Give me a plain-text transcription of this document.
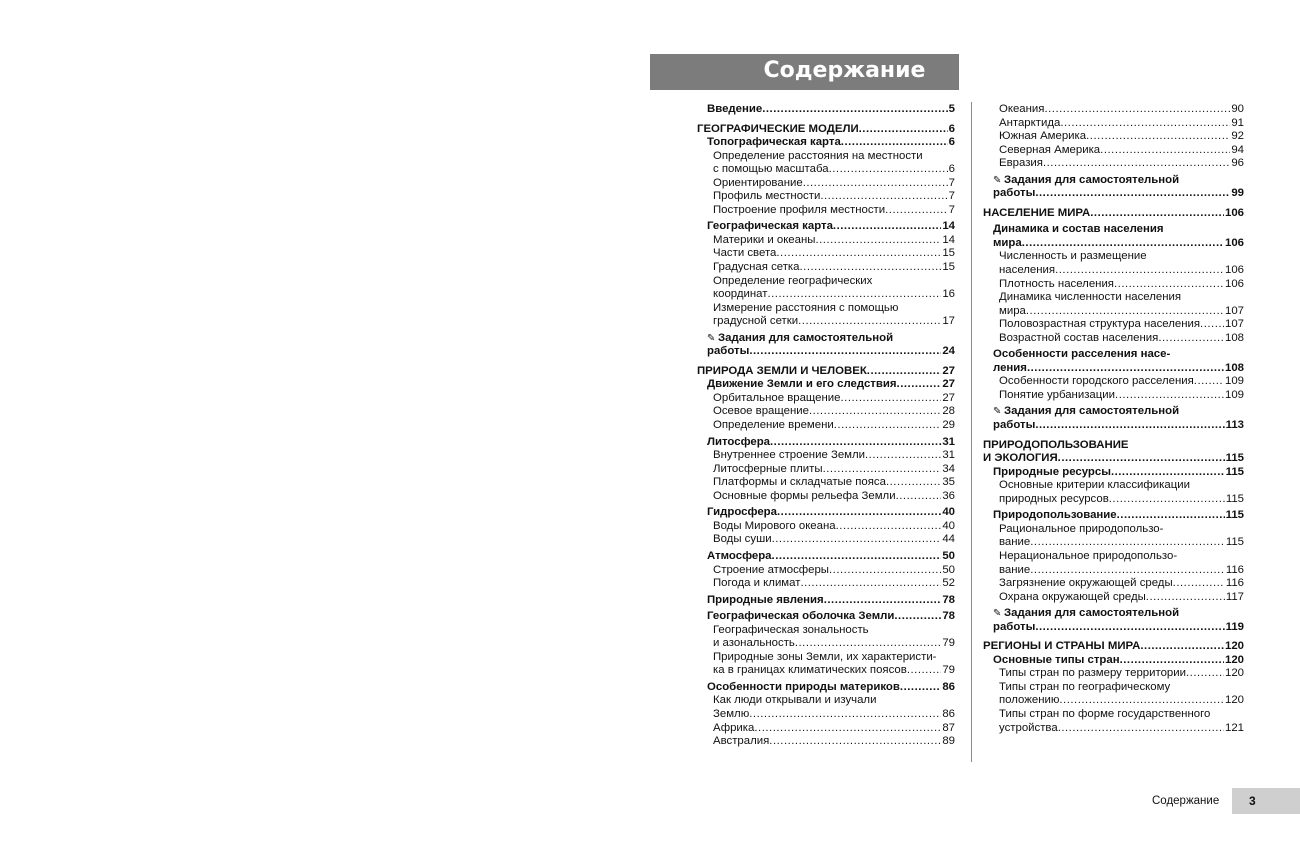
Содержание
Введение .....	5
ГЕОГРАФИЧЕСКИЕ МОДЕЛИ .....	6
Топографическая карта .....	6
Определение расстояния на местности
с помощью масштаба .....	6
Ориентирование .....	7
Профиль местности .....	7
Построение профиля местности .....	7
Географическая карта .....	14
Материки и океаны .....	14
Части света .....	15
Градусная сетка .....	15
Определение географических
координат .....	16
Измерение расстояния с помощью
градусной сетки .....	17
✎ Задания для самостоятельной
работы .....	24
ПРИРОДА ЗЕМЛИ И ЧЕЛОВЕК .....	27
Движение Земли и его следствия .....	27
Орбитальное вращение .....	27
Осевое вращение .....	28
Определение времени .....	29
Литосфера .....	31
Внутреннее строение Земли .....	31
Литосферные плиты .....	34
Платформы и складчатые пояса .....	35
Основные формы рельефа Земли .....	36
Гидросфера .....	40
Воды Мирового океана .....	40
Воды суши .....	44
Атмосфера .....	50
Строение атмосферы .....	50
Погода и климат .....	52
Природные явления .....	78
Географическая оболочка Земли .....	78
Географическая зональность
и азональность .....	79
Природные зоны Земли, их характеристи-
ка в границах климатических поясов .....	79
Особенности природы материков .....	86
Как люди открывали и изучали
Землю .....	86
Африка .....	87
Австралия .....	89
Океания .....	90
Антарктида .....	91
Южная Америка .....	92
Северная Америка .....	94
Евразия .....	96
✎ Задания для самостоятельной
работы .....	99
НАСЕЛЕНИЕ МИРА .....	106
Динамика и состав населения
мира .....	106
Численность и размещение
населения .....	106
Плотность населения .....	106
Динамика численности населения
мира .....	107
Половозрастная структура населения ..... 107
Возрастной состав населения .....	108
Особенности расселения насе-
ления .....	108
Особенности городского расселения .....	109
Понятие урбанизации .....	109
✎ Задания для самостоятельной
работы .....	113
ПРИРОДОПОЛЬЗОВАНИЕ
И ЭКОЛОГИЯ .....	115
Природные ресурсы .....	115
Основные критерии классификации
природных ресурсов .....	115
Природопользование .....	115
Рациональное природопользо-
вание .....	115
Нерациональное природопользо-
вание .....	116
Загрязнение окружающей среды .....	116
Охрана окружающей среды .....	117
✎ Задания для самостоятельной
работы .....	119
РЕГИОНЫ И СТРАНЫ МИРА .....	120
Основные типы стран .....	120
Типы стран по размеру территории .....	120
Типы стран по географическому
положению .....	120
Типы стран по форме государственного
устройства .....	121
Содержание 3
